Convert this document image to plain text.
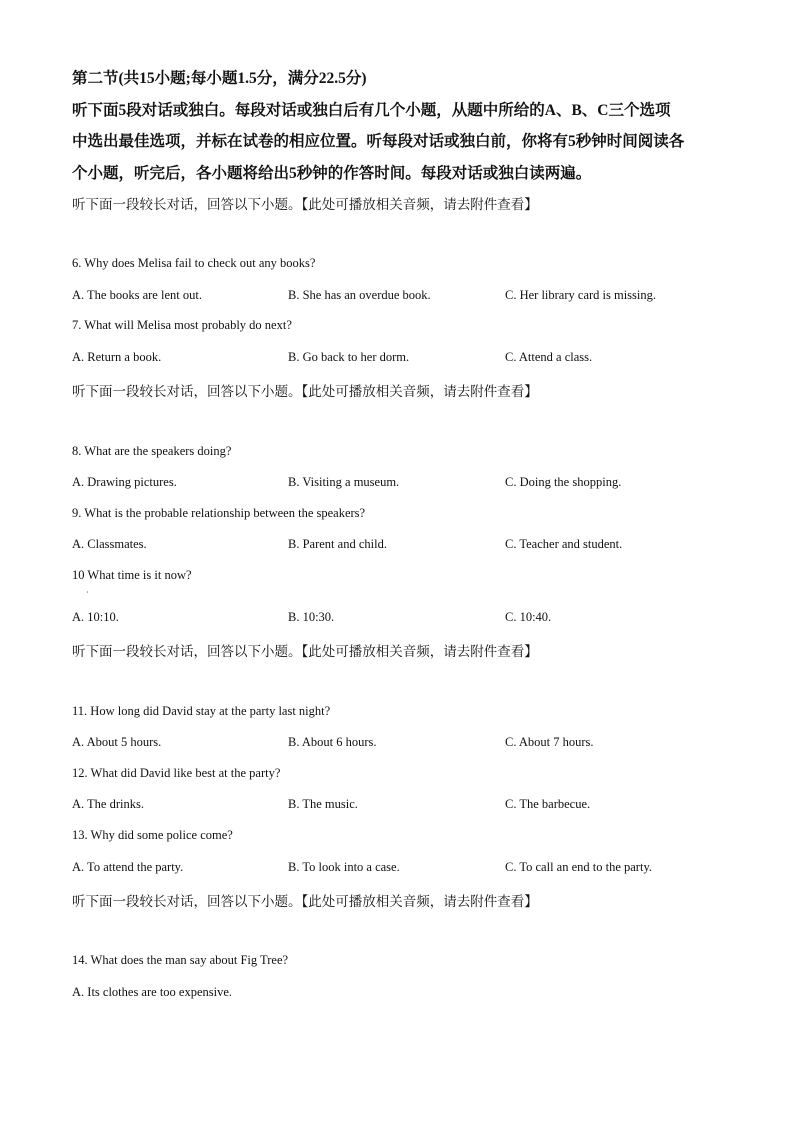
第二节(共15小题;每小题1.5分，满分22.5分)
听下面5段对话或独白。每段对话或独白后有几个小题，从题中所给的A、B、C三个选项
中选出最佳选项，并标在试卷的相应位置。听每段对话或独白前，你将有5秒钟时间阅读各
个小题，听完后，各小题将给出5秒钟的作答时间。每段对话或独白读两遍。
听下面一段较长对话，回答以下小题。【此处可播放相关音频，请去附件查看】
6. Why does Melisa fail to check out any books?
A. The books are lent out.	B. She has an overdue book.	C. Her library card is missing.
7. What will Melisa most probably do next?
A. Return a book.	B. Go back to her dorm.	C. Attend a class.
听下面一段较长对话，回答以下小题。【此处可播放相关音频，请去附件查看】
8. What are the speakers doing?
A. Drawing pictures.	B. Visiting a museum.	C. Doing the shopping.
9. What is the probable relationship between the speakers?
A. Classmates.	B. Parent and child.	C. Teacher and student.
10 What time is it now?
·
A. 10:10.	B. 10:30.	C. 10:40.
听下面一段较长对话，回答以下小题。【此处可播放相关音频，请去附件查看】
11. How long did David stay at the party last night?
A. About 5 hours.	B. About 6 hours.	C. About 7 hours.
12. What did David like best at the party?
A. The drinks.	B. The music.	C. The barbecue.
13. Why did some police come?
A. To attend the party.	B. To look into a case.	C. To call an end to the party.
听下面一段较长对话，回答以下小题。【此处可播放相关音频，请去附件查看】
14. What does the man say about Fig Tree?
A. Its clothes are too expensive.
